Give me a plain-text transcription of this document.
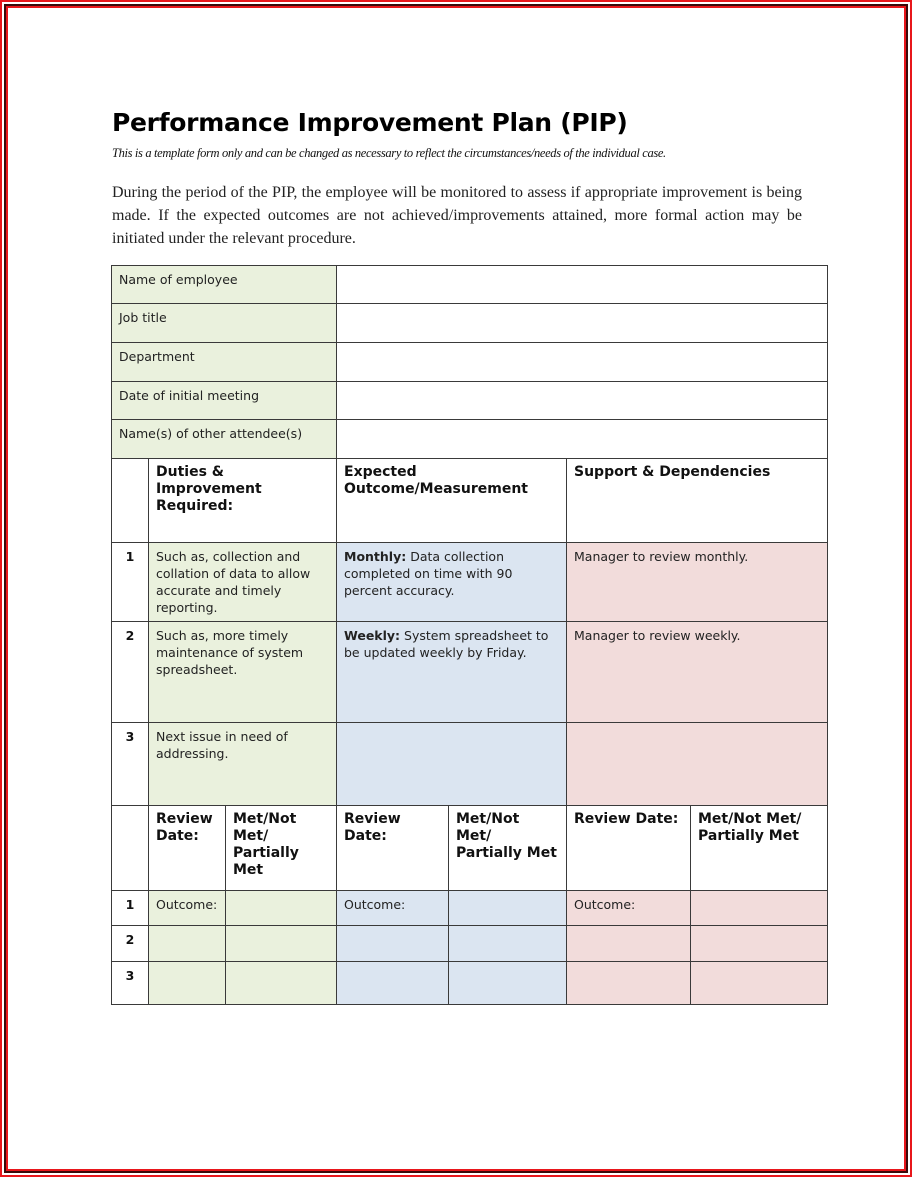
Performance Improvement Plan (PIP)

This is a template form only and can be changed as necessary to reflect the circumstances/needs of the individual case.

During the period of the PIP, the employee will be monitored to assess if appropriate improvement is being made. If the expected outcomes are not achieved/improvements attained, more formal action may be initiated under the relevant procedure.

Name of employee						
Job title						
Department						
Date of initial meeting						
Name(s) of other attendee(s)						
	Duties & Improvement Required:		Expected Outcome/Measurement		Support & Dependencies	
1	Such as, collection and collation of data to allow accurate and timely reporting.		Monthly: Data collection completed on time with 90 percent accuracy.		Manager to review monthly.	
2	Such as, more timely maintenance of system spreadsheet.		Weekly: System spreadsheet to be updated weekly by Friday.		Manager to review weekly.	
3	Next issue in need of addressing.					
	Review Date:	Met/Not Met/ Partially Met	Review Date:	Met/Not Met/ Partially Met	Review Date:	Met/Not Met/ Partially Met
1	Outcome:		Outcome:		Outcome:	
2						
3						
